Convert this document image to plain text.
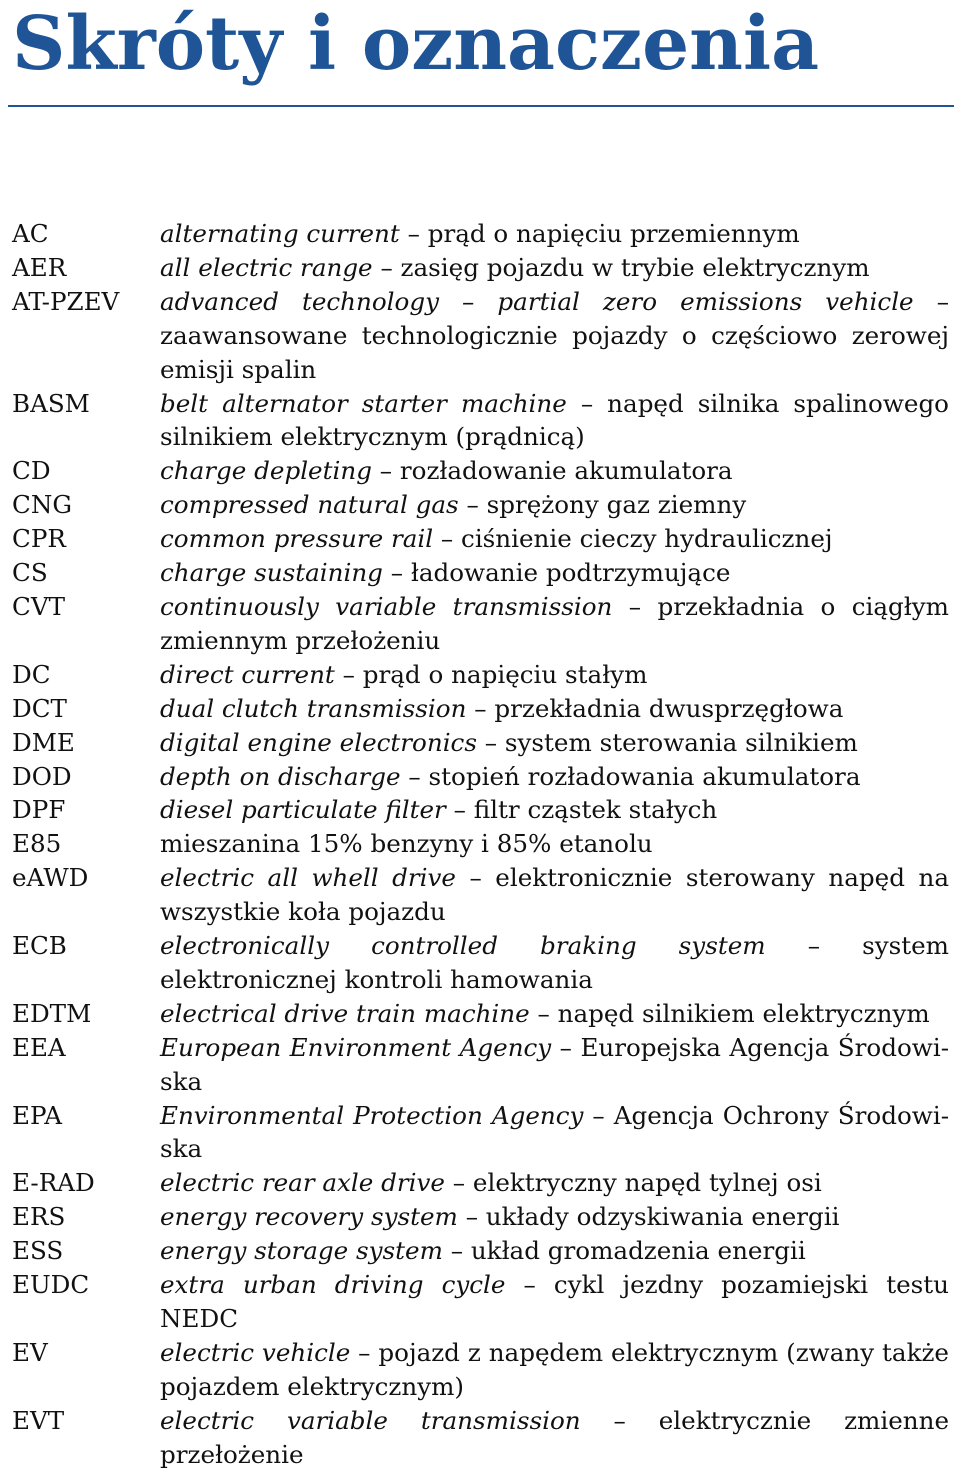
Skróty i oznaczenia
AC	alternating current – prąd o napięciu przemiennym
AER	all electric range – zasięg pojazdu w trybie elektrycznym
AT-PZEV	advanced technology – partial zero emissions vehicle – zaawansowane technologicznie pojazdy o częściowo zerowej emisji spalin
BASM	belt alternator starter machine – napęd silnika spalinowego silnikiem elektrycznym (prądnicą)
CD	charge depleting – rozładowanie akumulatora
CNG	compressed natural gas – sprężony gaz ziemny
CPR	common pressure rail – ciśnienie cieczy hydraulicznej
CS	charge sustaining – ładowanie podtrzymujące
CVT	continuously variable transmission – przekładnia o ciągłym zmiennym przełożeniu
DC	direct current – prąd o napięciu stałym
DCT	dual clutch transmission – przekładnia dwusprzęgłowa
DME	digital engine electronics – system sterowania silnikiem
DOD	depth on discharge – stopień rozładowania akumulatora
DPF	diesel particulate filter – filtr cząstek stałych
E85	mieszanina 15% benzyny i 85% etanolu
eAWD	electric all whell drive – elektronicznie sterowany napęd na wszystkie koła pojazdu
ECB	electronically controlled braking system – system elektronicznej kontroli hamowania
EDTM	electrical drive train machine – napęd silnikiem elektrycznym
EEA	European Environment Agency – Europejska Agencja Środowiska
EPA	Environmental Protection Agency – Agencja Ochrony Środowiska
E-RAD	electric rear axle drive – elektryczny napęd tylnej osi
ERS	energy recovery system – układy odzyskiwania energii
ESS	energy storage system – układ gromadzenia energii
EUDC	extra urban driving cycle – cykl jezdny pozamiejski testu NEDC
EV	electric vehicle – pojazd z napędem elektrycznym (zwany także pojazdem elektrycznym)
EVT	electric variable transmission – elektrycznie zmienne przełożenie
